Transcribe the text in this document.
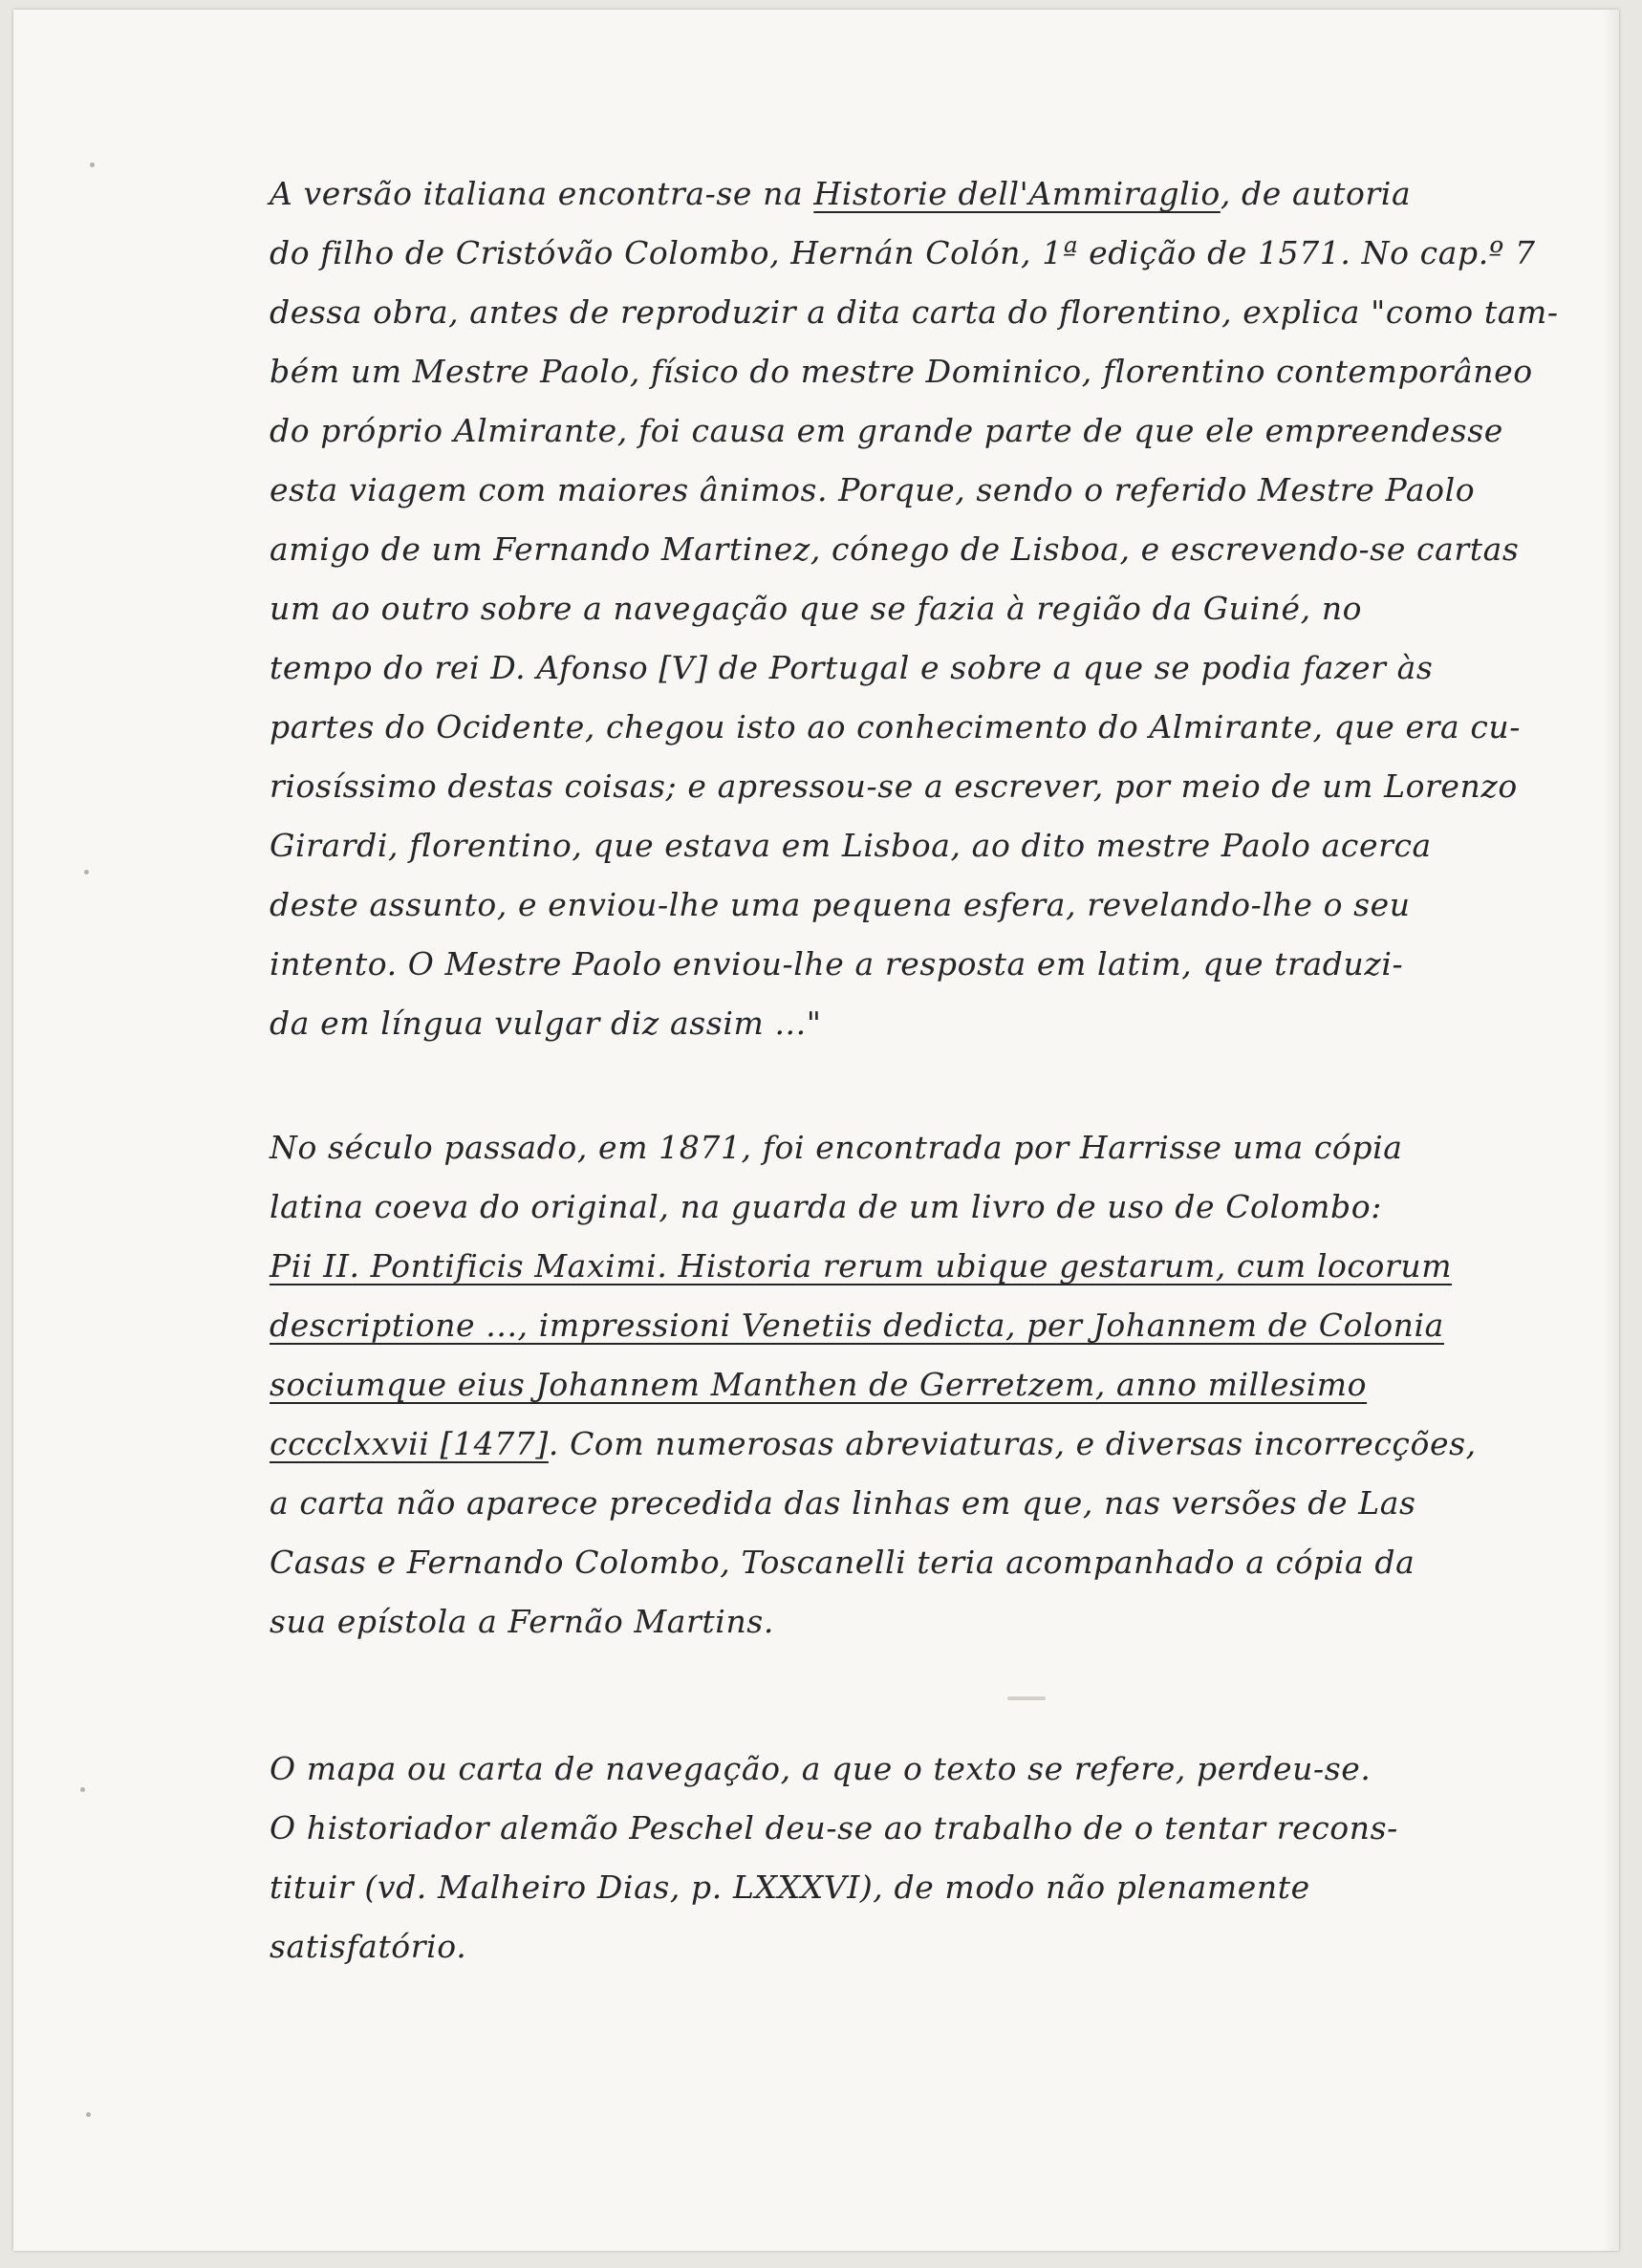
A versão italiana encontra-se na Historie dell'Ammiraglio, de autoria
do filho de Cristóvão Colombo, Hernán Colón, 1ª edição de 1571. No cap.º 7
dessa obra, antes de reproduzir a dita carta do florentino, explica "como tam-
bém um Mestre Paolo, físico do mestre Dominico, florentino contemporâneo
do próprio Almirante, foi causa em grande parte de que ele empreendesse
esta viagem com maiores ânimos. Porque, sendo o referido Mestre Paolo
amigo de um Fernando Martinez, cónego de Lisboa, e escrevendo-se cartas
um ao outro sobre a navegação que se fazia à região da Guiné, no
tempo do rei D. Afonso [V] de Portugal e sobre a que se podia fazer às
partes do Ocidente, chegou isto ao conhecimento do Almirante, que era cu-
riosíssimo destas coisas; e apressou-se a escrever, por meio de um Lorenzo
Girardi, florentino, que estava em Lisboa, ao dito mestre Paolo acerca
deste assunto, e enviou-lhe uma pequena esfera, revelando-lhe o seu
intento. O Mestre Paolo enviou-lhe a resposta em latim, que traduzi-
da em língua vulgar diz assim ..."
No século passado, em 1871, foi encontrada por Harrisse uma cópia
latina coeva do original, na guarda de um livro de uso de Colombo:
Pii II. Pontificis Maximi. Historia rerum ubique gestarum, cum locorum
descriptione ..., impressioni Venetiis dedicta, per Johannem de Colonia
sociumque eius Johannem Manthen de Gerretzem, anno millesimo
cccclxxvii [1477]. Com numerosas abreviaturas, e diversas incorrecções,
a carta não aparece precedida das linhas em que, nas versões de Las
Casas e Fernando Colombo, Toscanelli teria acompanhado a cópia da
sua epístola a Fernão Martins.
O mapa ou carta de navegação, a que o texto se refere, perdeu-se.
O historiador alemão Peschel deu-se ao trabalho de o tentar recons-
tituir (vd. Malheiro Dias, p. LXXXVI), de modo não plenamente
satisfatório.
